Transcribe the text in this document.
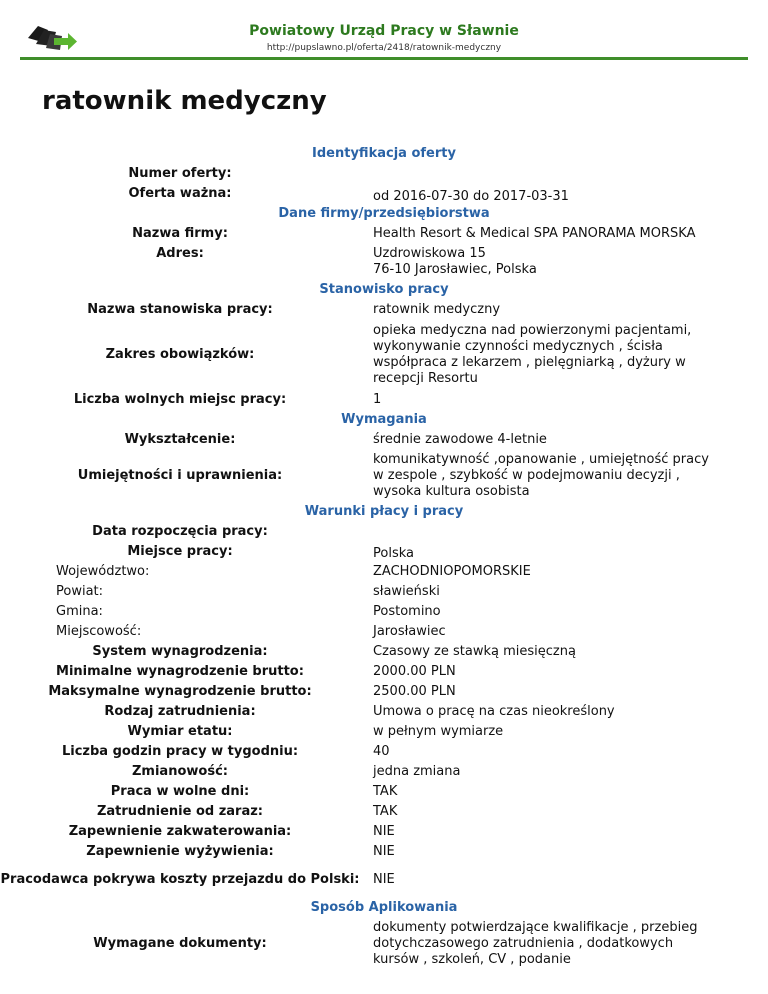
Powiatowy Urząd Pracy w Sławnie
http://pupslawno.pl/oferta/2418/ratownik-medyczny
ratownik medyczny
Identyfikacja oferty
Numer oferty:
Oferta ważna:	od 2016-07-30 do 2017-03-31
Dane firmy/przedsiębiorstwa
Nazwa firmy:	Health Resort & Medical SPA PANORAMA MORSKA
Adres:	Uzdrowiskowa 15
76-10 Jarosławiec, Polska
Stanowisko pracy
Nazwa stanowiska pracy:	ratownik medyczny
Zakres obowiązków:
opieka medyczna nad powierzonymi pacjentami, wykonywanie czynności medycznych , ścisła współpraca z lekarzem , pielęgniarką , dyżury w recepcji Resortu
Liczba wolnych miejsc pracy:	1
Wymagania
Wykształcenie:	średnie zawodowe 4-letnie
Umiejętności i uprawnienia:
komunikatywność ,opanowanie , umiejętność pracy w zespole , szybkość w podejmowaniu decyzji , wysoka kultura osobista
Warunki płacy i pracy
Data rozpoczęcia pracy:
Miejsce pracy:	Polska
Województwo:	ZACHODNIOPOMORSKIE
Powiat:	sławieński
Gmina:	Postomino
Miejscowość:	Jarosławiec
System wynagrodzenia:	Czasowy ze stawką miesięczną
Minimalne wynagrodzenie brutto:	2000.00 PLN
Maksymalne wynagrodzenie brutto:	2500.00 PLN
Rodzaj zatrudnienia:	Umowa o pracę na czas nieokreślony
Wymiar etatu:	w pełnym wymiarze
Liczba godzin pracy w tygodniu:	40
Zmianowość:	jedna zmiana
Praca w wolne dni:	TAK
Zatrudnienie od zaraz:	TAK
Zapewnienie zakwaterowania:	NIE
Zapewnienie wyżywienia:	NIE
Pracodawca pokrywa koszty przejazdu do Polski:	NIE
Sposób Aplikowania
Wymagane dokumenty:
dokumenty potwierdzające kwalifikacje , przebieg dotychczasowego zatrudnienia , dodatkowych kursów , szkoleń, CV , podanie
